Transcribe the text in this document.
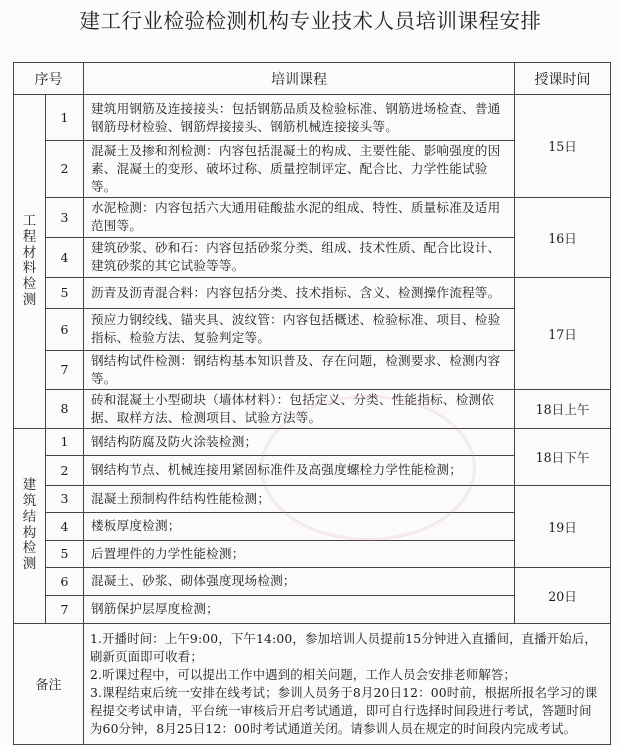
建工行业检验检测机构专业技术人员培训课程安排
序号		培训课程	授课时间
工程材料检测	1	建筑用钢筋及连接接头：包括钢筋品质及检验标准、钢筋进场检查、普通钢筋母材检验、钢筋焊接接头、钢筋机械连接接头等。	15日
	2	混凝土及掺和剂检测：内容包括混凝土的构成、主要性能、影响强度的因素、混凝土的变形、破坏过称、质量控制评定、配合比、力学性能试验等。	
	3	水泥检测：内容包括六大通用硅酸盐水泥的组成、特性、质量标准及适用范围等。	16日
	4	建筑砂浆、砂和石：内容包括砂浆分类、组成、技术性质、配合比设计、建筑砂浆的其它试验等等。	
	5	沥青及沥青混合料：内容包括分类、技术指标、含义、检测操作流程等。	17日
	6	预应力钢绞线、锚夹具、波纹管：内容包括概述、检验标准、项目、检验指标、检验方法、复验判定等。	
	7	钢结构试件检测：钢结构基本知识普及、存在问题，检测要求、检测内容等。	
	8	砖和混凝土小型砌块（墙体材料）：包括定义、分类、性能指标、检测依据、取样方法、检测项目、试验方法等。	18日上午
建筑结构检测	1	钢结构防腐及防火涂装检测；	18日下午
	2	钢结构节点、机械连接用紧固标准件及高强度螺栓力学性能检测；	
	3	混凝土预制构件结构性能检测；	19日
	4	楼板厚度检测；	
	5	后置埋件的力学性能检测；	
	6	混凝土、砂浆、砌体强度现场检测；	20日
	7	钢筋保护层厚度检测；	
备注		1.开播时间：上午9:00，下午14:00，参加培训人员提前15分钟进入直播间，直播开始后，刷新页面即可收看；

2.听课过程中，可以提出工作中遇到的相关问题，工作人员会安排老师解答；

3.课程结束后统一安排在线考试；参训人员务于8月20日12：00时前，根据所报名学习的课程提交考试申请，平台统一审核后开启考试通道，即可自行选择时间段进行考试，答题时间为60分钟，8月25日12：00时考试通道关闭。请参训人员在规定的时间段内完成考试。	
